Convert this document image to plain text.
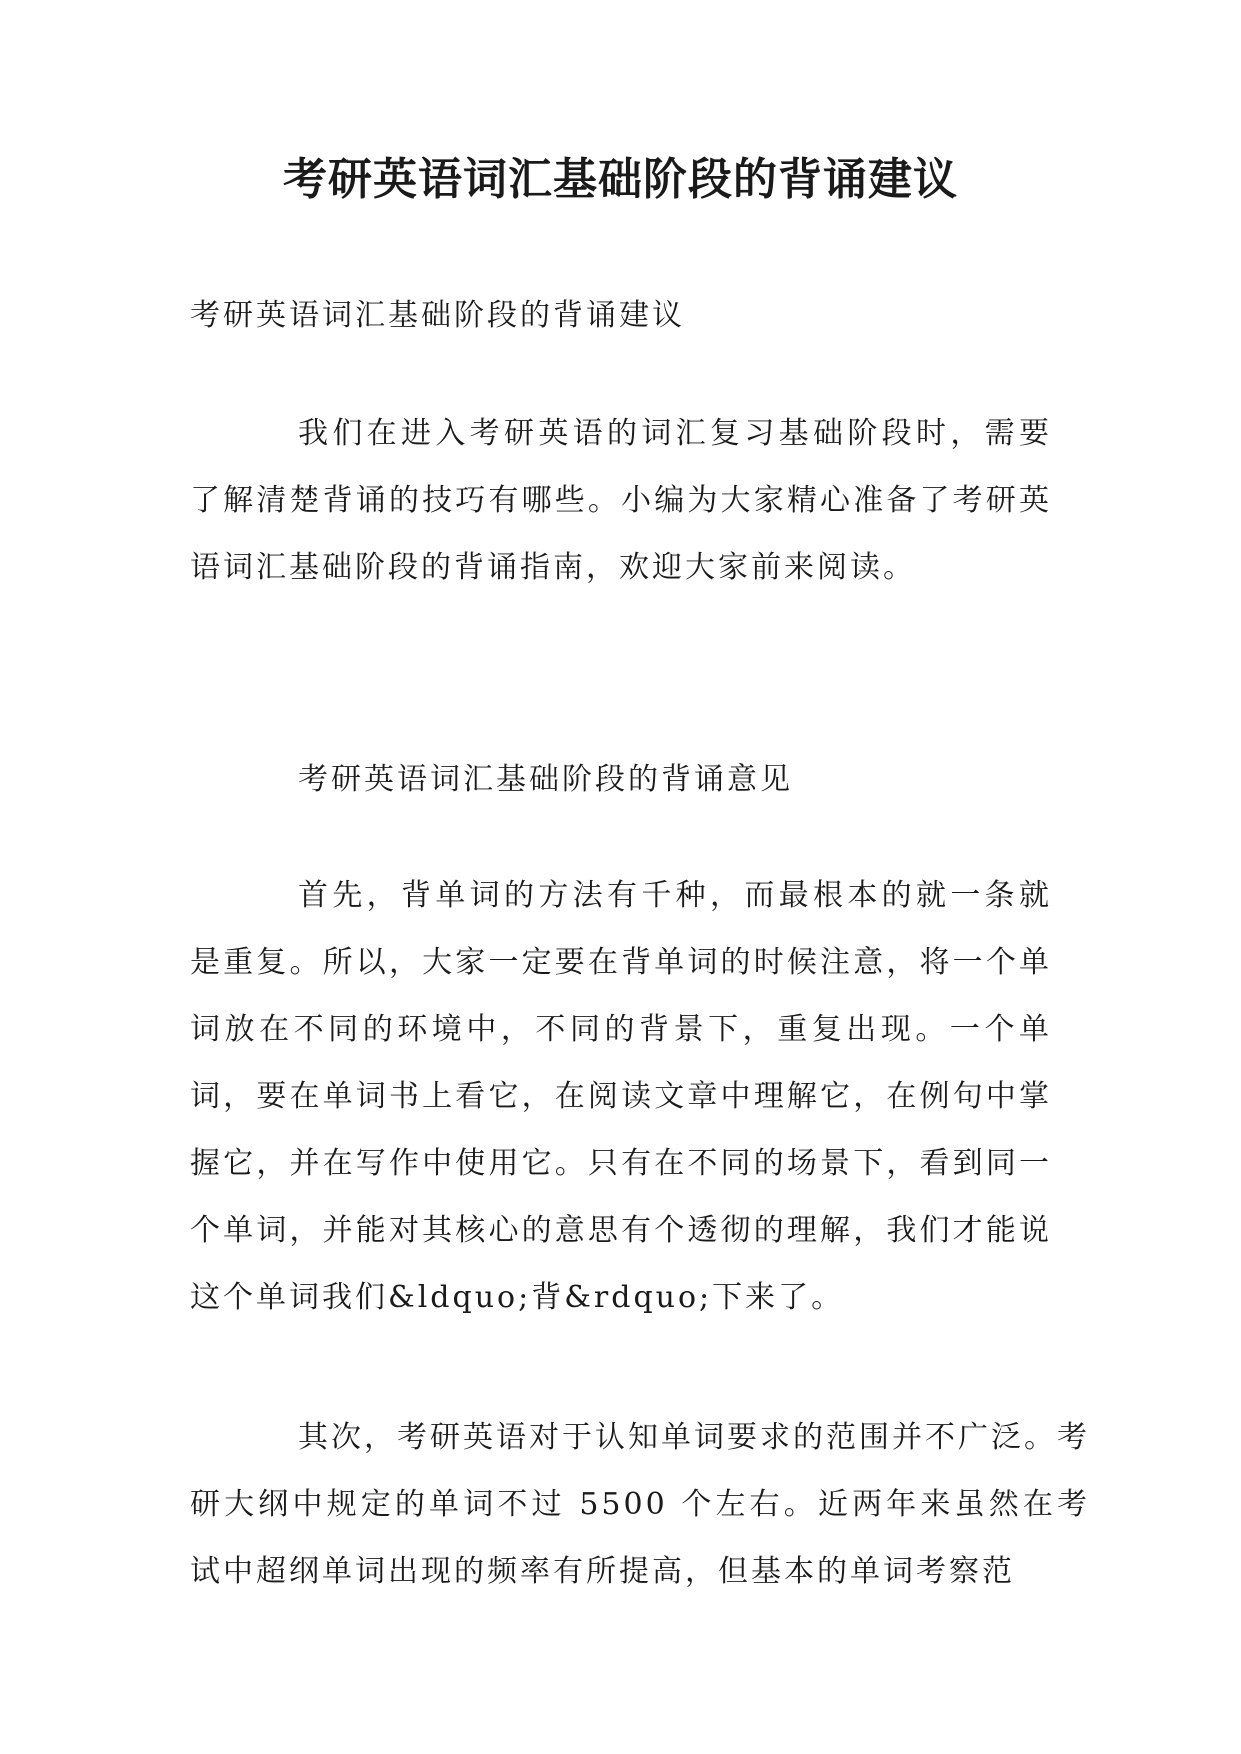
考研英语词汇基础阶段的背诵建议

考研英语词汇基础阶段的背诵建议

我们在进入考研英语的词汇复习基础阶段时，需要了解清楚背诵的技巧有哪些。小编为大家精心准备了考研英语词汇基础阶段的背诵指南，欢迎大家前来阅读。

考研英语词汇基础阶段的背诵意见

首先，背单词的方法有千种，而最根本的就一条就是重复。所以，大家一定要在背单词的时候注意，将一个单词放在不同的环境中，不同的背景下，重复出现。一个单词，要在单词书上看它，在阅读文章中理解它，在例句中掌握它，并在写作中使用它。只有在不同的场景下，看到同一个单词，并能对其核心的意思有个透彻的理解，我们才能说这个单词我们&ldquo;背&rdquo;下来了。

其次，考研英语对于认知单词要求的范围并不广泛。考研大纲中规定的单词不过 5500 个左右。近两年来虽然在考试中超纲单词出现的频率有所提高，但基本的单词考察范
